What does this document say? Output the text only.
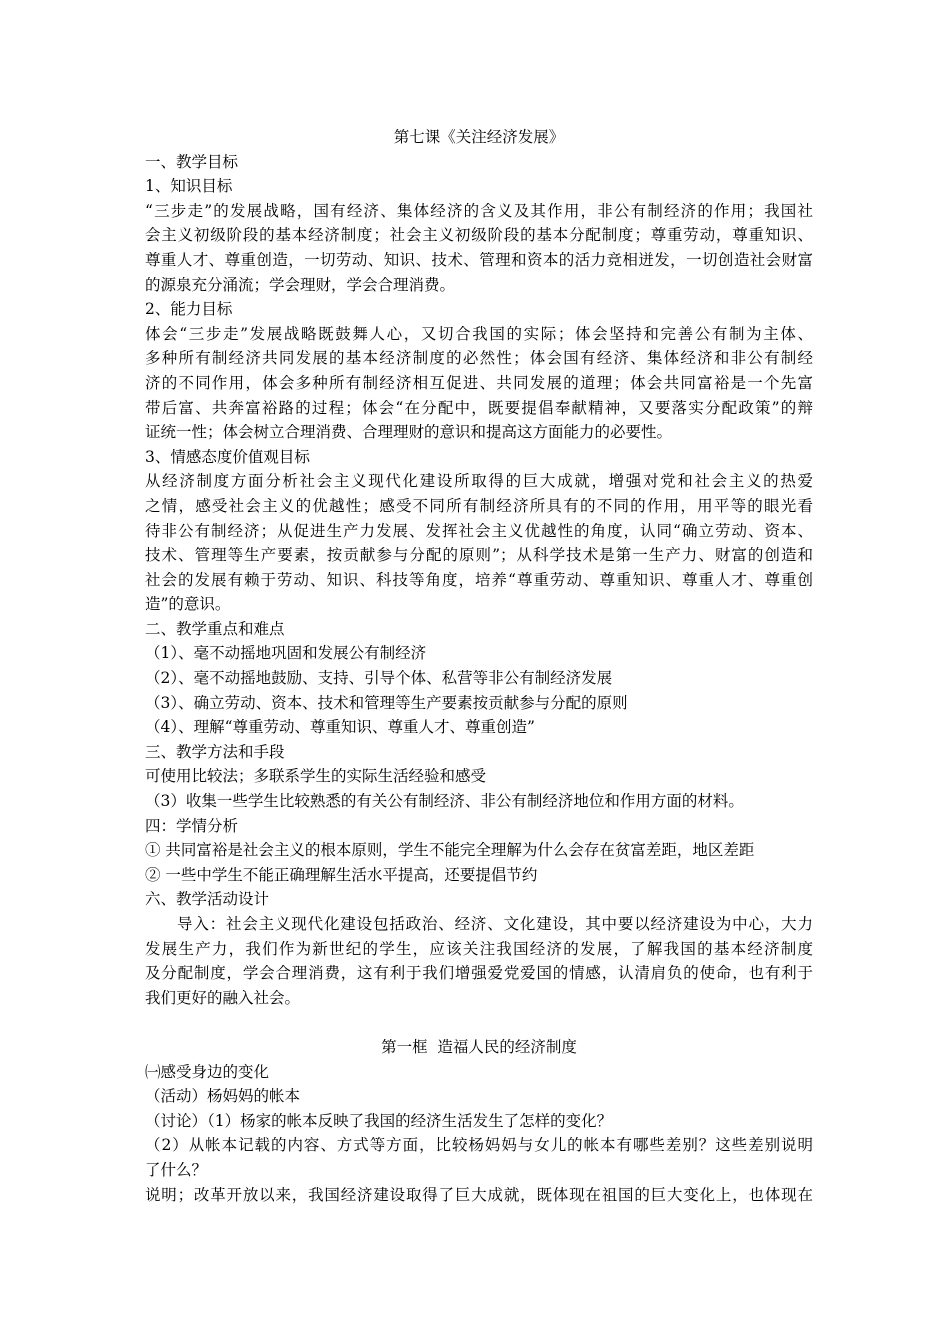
第七课《关注经济发展》
一、教学目标
1、知识目标
“三步走”的发展战略，国有经济、集体经济的含义及其作用，非公有制经济的作用；我国社
会主义初级阶段的基本经济制度；社会主义初级阶段的基本分配制度；尊重劳动，尊重知识、
尊重人才、尊重创造，一切劳动、知识、技术、管理和资本的活力竞相迸发，一切创造社会财富
的源泉充分涌流；学会理财，学会合理消费。
2、能力目标
体会“三步走”发展战略既鼓舞人心，又切合我国的实际；体会坚持和完善公有制为主体、
多种所有制经济共同发展的基本经济制度的必然性；体会国有经济、集体经济和非公有制经
济的不同作用，体会多种所有制经济相互促进、共同发展的道理；体会共同富裕是一个先富
带后富、共奔富裕路的过程；体会“在分配中，既要提倡奉献精神，又要落实分配政策”的辩
证统一性；体会树立合理消费、合理理财的意识和提高这方面能力的必要性。
3、情感态度价值观目标
从经济制度方面分析社会主义现代化建设所取得的巨大成就，增强对党和社会主义的热爱
之情，感受社会主义的优越性；感受不同所有制经济所具有的不同的作用，用平等的眼光看
待非公有制经济；从促进生产力发展、发挥社会主义优越性的角度，认同“确立劳动、资本、
技术、管理等生产要素，按贡献参与分配的原则”；从科学技术是第一生产力、财富的创造和
社会的发展有赖于劳动、知识、科技等角度，培养“尊重劳动、尊重知识、尊重人才、尊重创
造”的意识。
二、教学重点和难点
（1）、毫不动摇地巩固和发展公有制经济
（2）、毫不动摇地鼓励、支持、引导个体、私营等非公有制经济发展
（3）、确立劳动、资本、技术和管理等生产要素按贡献参与分配的原则
（4）、理解“尊重劳动、尊重知识、尊重人才、尊重创造”
三、教学方法和手段
可使用比较法；多联系学生的实际生活经验和感受
（3）收集一些学生比较熟悉的有关公有制经济、非公有制经济地位和作用方面的材料。
四：学情分析
① 共同富裕是社会主义的根本原则，学生不能完全理解为什么会存在贫富差距，地区差距
② 一些中学生不能正确理解生活水平提高，还要提倡节约
六、教学活动设计
导入：社会主义现代化建设包括政治、经济、文化建设，其中要以经济建设为中心，大力
发展生产力，我们作为新世纪的学生，应该关注我国经济的发展，了解我国的基本经济制度
及分配制度，学会合理消费，这有利于我们增强爱党爱国的情感，认清肩负的使命，也有利于
我们更好的融入社会。
第一框  造福人民的经济制度
㈠感受身边的变化
（活动）杨妈妈的帐本
（讨论）（1）杨家的帐本反映了我国的经济生活发生了怎样的变化？
（2）从帐本记载的内容、方式等方面，比较杨妈妈与女儿的帐本有哪些差别？这些差别说明
了什么？
说明；改革开放以来，我国经济建设取得了巨大成就，既体现在祖国的巨大变化上，也体现在
